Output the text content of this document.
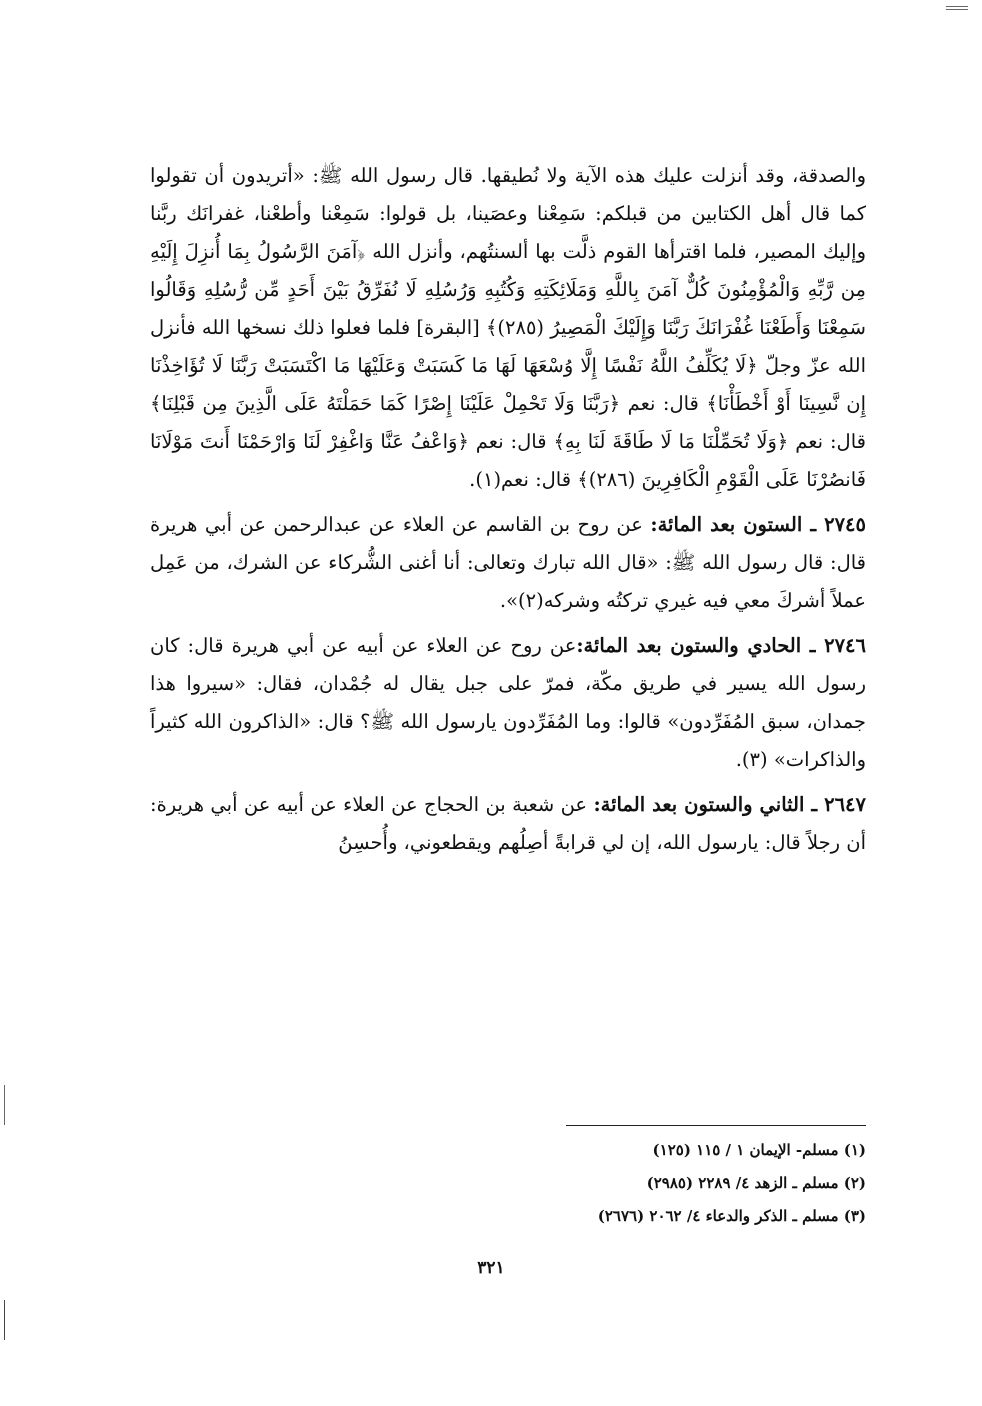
والصدقة، وقد أنزلت عليك هذه الآية ولا نُطيقها. قال رسول الله ﷺ: «أتريدون أن تقولوا كما قال أهل الكتابين من قبلكم: سَمِعْنا وعصَينا، بل قولوا: سَمِعْنا وأطعْنا، غفرانَك ربَّنا وإليك المصير، فلما اقترأها القوم ذلَّت بها ألسنتُهم، وأنزل الله ﴿آمَنَ الرَّسُولُ بِمَا أُنزِلَ إِلَيْهِ مِن رَّبِّهِ وَالْمُؤْمِنُونَ كُلٌّ آمَنَ بِاللَّهِ وَمَلَائِكَتِهِ وَكُتُبِهِ وَرُسُلِهِ لَا نُفَرِّقُ بَيْنَ أَحَدٍ مِّن رُّسُلِهِ وَقَالُوا سَمِعْنَا وَأَطَعْنَا غُفْرَانَكَ رَبَّنَا وَإِلَيْكَ الْمَصِيرُ (٢٨٥)﴾ [البقرة] فلما فعلوا ذلك نسخها الله فأنزل الله عزّ وجلّ ﴿لَا يُكَلِّفُ اللَّهُ نَفْسًا إِلَّا وُسْعَهَا لَهَا مَا كَسَبَتْ وَعَلَيْهَا مَا اكْتَسَبَتْ رَبَّنَا لَا تُؤَاخِذْنَا إِن نَّسِينَا أَوْ أَخْطَأْنَا﴾ قال: نعم ﴿رَبَّنَا وَلَا تَحْمِلْ عَلَيْنَا إِصْرًا كَمَا حَمَلْتَهُ عَلَى الَّذِينَ مِن قَبْلِنَا﴾ قال: نعم ﴿وَلَا تُحَمِّلْنَا مَا لَا طَاقَةَ لَنَا بِهِ﴾ قال: نعم ﴿وَاعْفُ عَنَّا وَاغْفِرْ لَنَا وَارْحَمْنَا أَنتَ مَوْلَانَا فَانصُرْنَا عَلَى الْقَوْمِ الْكَافِرِينَ (٢٨٦)﴾ قال: نعم(١).

٢٧٤٥ ـ الستون بعد المائة: عن روح بن القاسم عن العلاء عن عبدالرحمن عن أبي هريرة قال: قال رسول الله ﷺ: «قال الله تبارك وتعالى: أنا أغنى الشُّركاء عن الشرك، من عَمِل عملاً أشركَ معي فيه غيري تركتُه وشركه(٢)».

٢٧٤٦ ـ الحادي والستون بعد المائة:عن روح عن العلاء عن أبيه عن أبي هريرة قال: كان رسول الله يسير في طريق مكّة، فمرّ على جبل يقال له جُمْدان، فقال: «سيروا هذا جمدان، سبق المُفَرِّدون» قالوا: وما المُفَرِّدون يارسول الله ﷺ؟ قال: «الذاكرون الله كثيراً والذاكرات» (٣).

٢٦٤٧ ـ الثاني والستون بعد المائة: عن شعبة بن الحجاج عن العلاء عن أبيه عن أبي هريرة: أن رجلاً قال: يارسول الله، إن لي قرابةً أصِلُهم ويقطعوني، وأُحسِنُ

(١) مسلم- الإيمان ١ / ١١٥ (١٢٥)
(٢) مسلم ـ الزهد ٤/ ٢٢٨٩ (٢٩٨٥)
(٣) مسلم ـ الذكر والدعاء ٤/ ٢٠٦٢ (٢٦٧٦)
٣٢١
